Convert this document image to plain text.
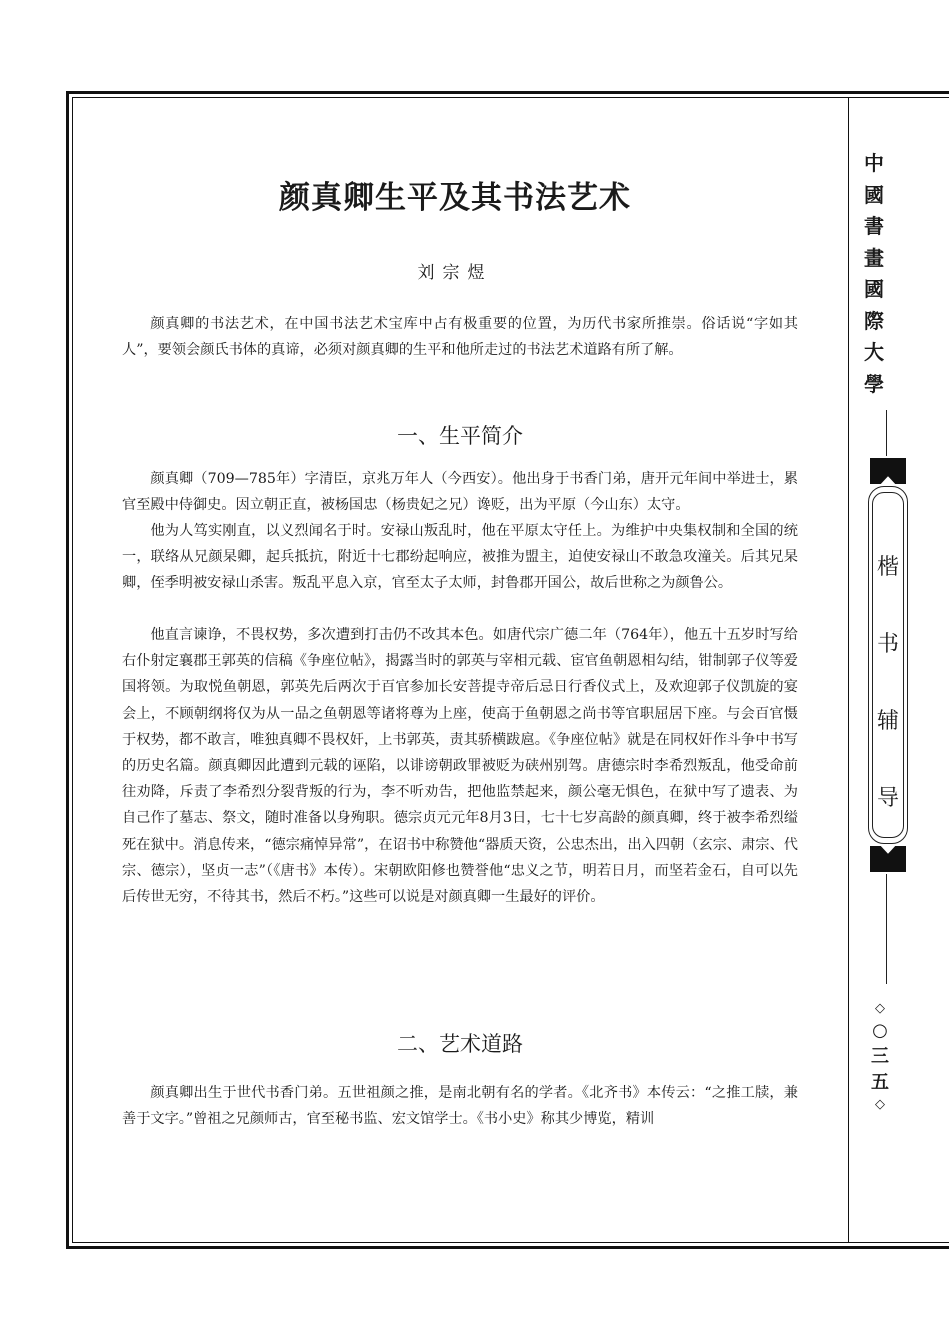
颜真卿生平及其书法艺术
刘宗煜

颜真卿的书法艺术，在中国书法艺术宝库中占有极重要的位置，为历代书家所推崇。俗话说“字如其人”，要领会颜氏书体的真谛，必须对颜真卿的生平和他所走过的书法艺术道路有所了解。

一、生平简介

颜真卿（709—785年）字清臣，京兆万年人（今西安）。他出身于书香门弟，唐开元年间中举进士，累官至殿中侍御史。因立朝正直，被杨国忠（杨贵妃之兄）谗贬，出为平原（今山东）太守。

他为人笃实刚直，以义烈闻名于时。安禄山叛乱时，他在平原太守任上。为维护中央集权制和全国的统一，联络从兄颜杲卿，起兵抵抗，附近十七郡纷起响应，被推为盟主，迫使安禄山不敢急攻潼关。后其兄杲卿，侄季明被安禄山杀害。叛乱平息入京，官至太子太师，封鲁郡开国公，故后世称之为颜鲁公。

他直言谏诤，不畏权势，多次遭到打击仍不改其本色。如唐代宗广德二年（764年），他五十五岁时写给右仆射定襄郡王郭英的信稿《争座位帖》，揭露当时的郭英与宰相元载、宦官鱼朝恩相勾结，钳制郭子仪等爱国将领。为取悦鱼朝恩，郭英先后两次于百官参加长安菩提寺帝后忌日行香仪式上，及欢迎郭子仪凯旋的宴会上，不顾朝纲将仅为从一品之鱼朝恩等诸将尊为上座，使高于鱼朝恩之尚书等官职屈居下座。与会百官慑于权势，都不敢言，唯独真卿不畏权奸，上书郭英，责其骄横跋扈。《争座位帖》就是在同权奸作斗争中书写的历史名篇。颜真卿因此遭到元载的诬陷，以诽谤朝政罪被贬为硖州别驾。唐德宗时李希烈叛乱，他受命前往劝降，斥责了李希烈分裂背叛的行为，李不听劝告，把他监禁起来，颜公毫无惧色，在狱中写了遗表、为自己作了墓志、祭文，随时准备以身殉职。德宗贞元元年8月3日，七十七岁高龄的颜真卿，终于被李希烈缢死在狱中。消息传来，“德宗痛悼异常”，在诏书中称赞他“器质天资，公忠杰出，出入四朝（玄宗、肃宗、代宗、德宗），坚贞一志”（《唐书》本传）。宋朝欧阳修也赞誉他“忠义之节，明若日月，而坚若金石，自可以先后传世无穷，不待其书，然后不朽。”这些可以说是对颜真卿一生最好的评价。

二、艺术道路

颜真卿出生于世代书香门弟。五世祖颜之推，是南北朝有名的学者。《北齐书》本传云：“之推工牍，兼善于文字。”曾祖之兄颜师古，官至秘书监、宏文馆学士。《书小史》称其少博览，精训

中
國
書
畫
國
際
大
學
楷
书
辅
导
◇
○
三
五
◇
